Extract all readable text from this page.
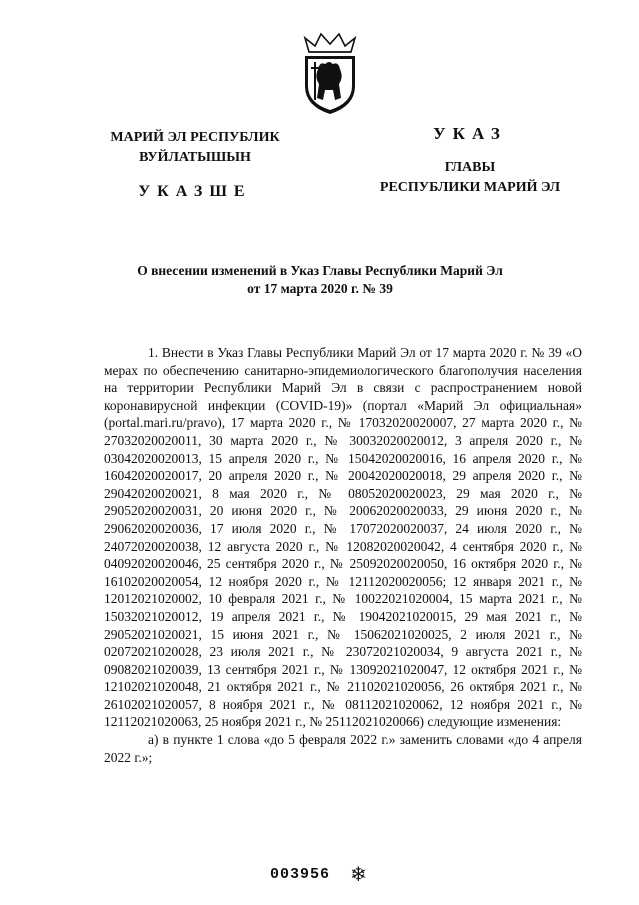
МАРИЙ ЭЛ РЕСПУБЛИК
ВУЙЛАТЫШЫН
УКАЗШЕ
УКАЗ
ГЛАВЫ
РЕСПУБЛИКИ МАРИЙ ЭЛ
О внесении изменений в Указ Главы Республики Марий Эл
от 17 марта 2020 г. № 39

1. Внести в Указ Главы Республики Марий Эл от 17 марта 2020 г. № 39 «О мерах по обеспечению санитарно-эпидемиологического благополучия населения на территории Республики Марий Эл в связи с распространением новой коронавирусной инфекции (COVID-19)» (портал «Марий Эл официальная» (portal.mari.ru/pravo), 17 марта 2020 г., № 17032020020007, 27 марта 2020 г., № 27032020020011, 30 марта 2020 г., № 30032020020012, 3 апреля 2020 г., № 03042020020013, 15 апреля 2020 г., № 15042020020016, 16 апреля 2020 г., № 16042020020017, 20 апреля 2020 г., № 20042020020018, 29 апреля 2020 г., № 29042020020021, 8 мая 2020 г., № 08052020020023, 29 мая 2020 г., № 29052020020031, 20 июня 2020 г., № 20062020020033, 29 июня 2020 г., № 29062020020036, 17 июля 2020 г., № 17072020020037, 24 июля 2020 г., № 24072020020038, 12 августа 2020 г., № 12082020020042, 4 сентября 2020 г., № 04092020020046, 25 сентября 2020 г., № 25092020020050, 16 октября 2020 г., № 16102020020054, 12 ноября 2020 г., № 12112020020056; 12 января 2021 г., № 12012021020002, 10 февраля 2021 г., № 10022021020004, 15 марта 2021 г., № 15032021020012, 19 апреля 2021 г., № 19042021020015, 29 мая 2021 г., № 29052021020021, 15 июня 2021 г., № 15062021020025, 2 июля 2021 г., № 02072021020028, 23 июля 2021 г., № 23072021020034, 9 августа 2021 г., № 09082021020039, 13 сентября 2021 г., № 13092021020047, 12 октября 2021 г., № 12102021020048, 21 октября 2021 г., № 21102021020056, 26 октября 2021 г., № 26102021020057, 8 ноября 2021 г., № 08112021020062, 12 ноября 2021 г., № 12112021020063, 25 ноября 2021 г., № 25112021020066) следующие изменения:

а) в пункте 1 слова «до 5 февраля 2022 г.» заменить словами «до 4 апреля 2022 г.»;

003956 ❄
